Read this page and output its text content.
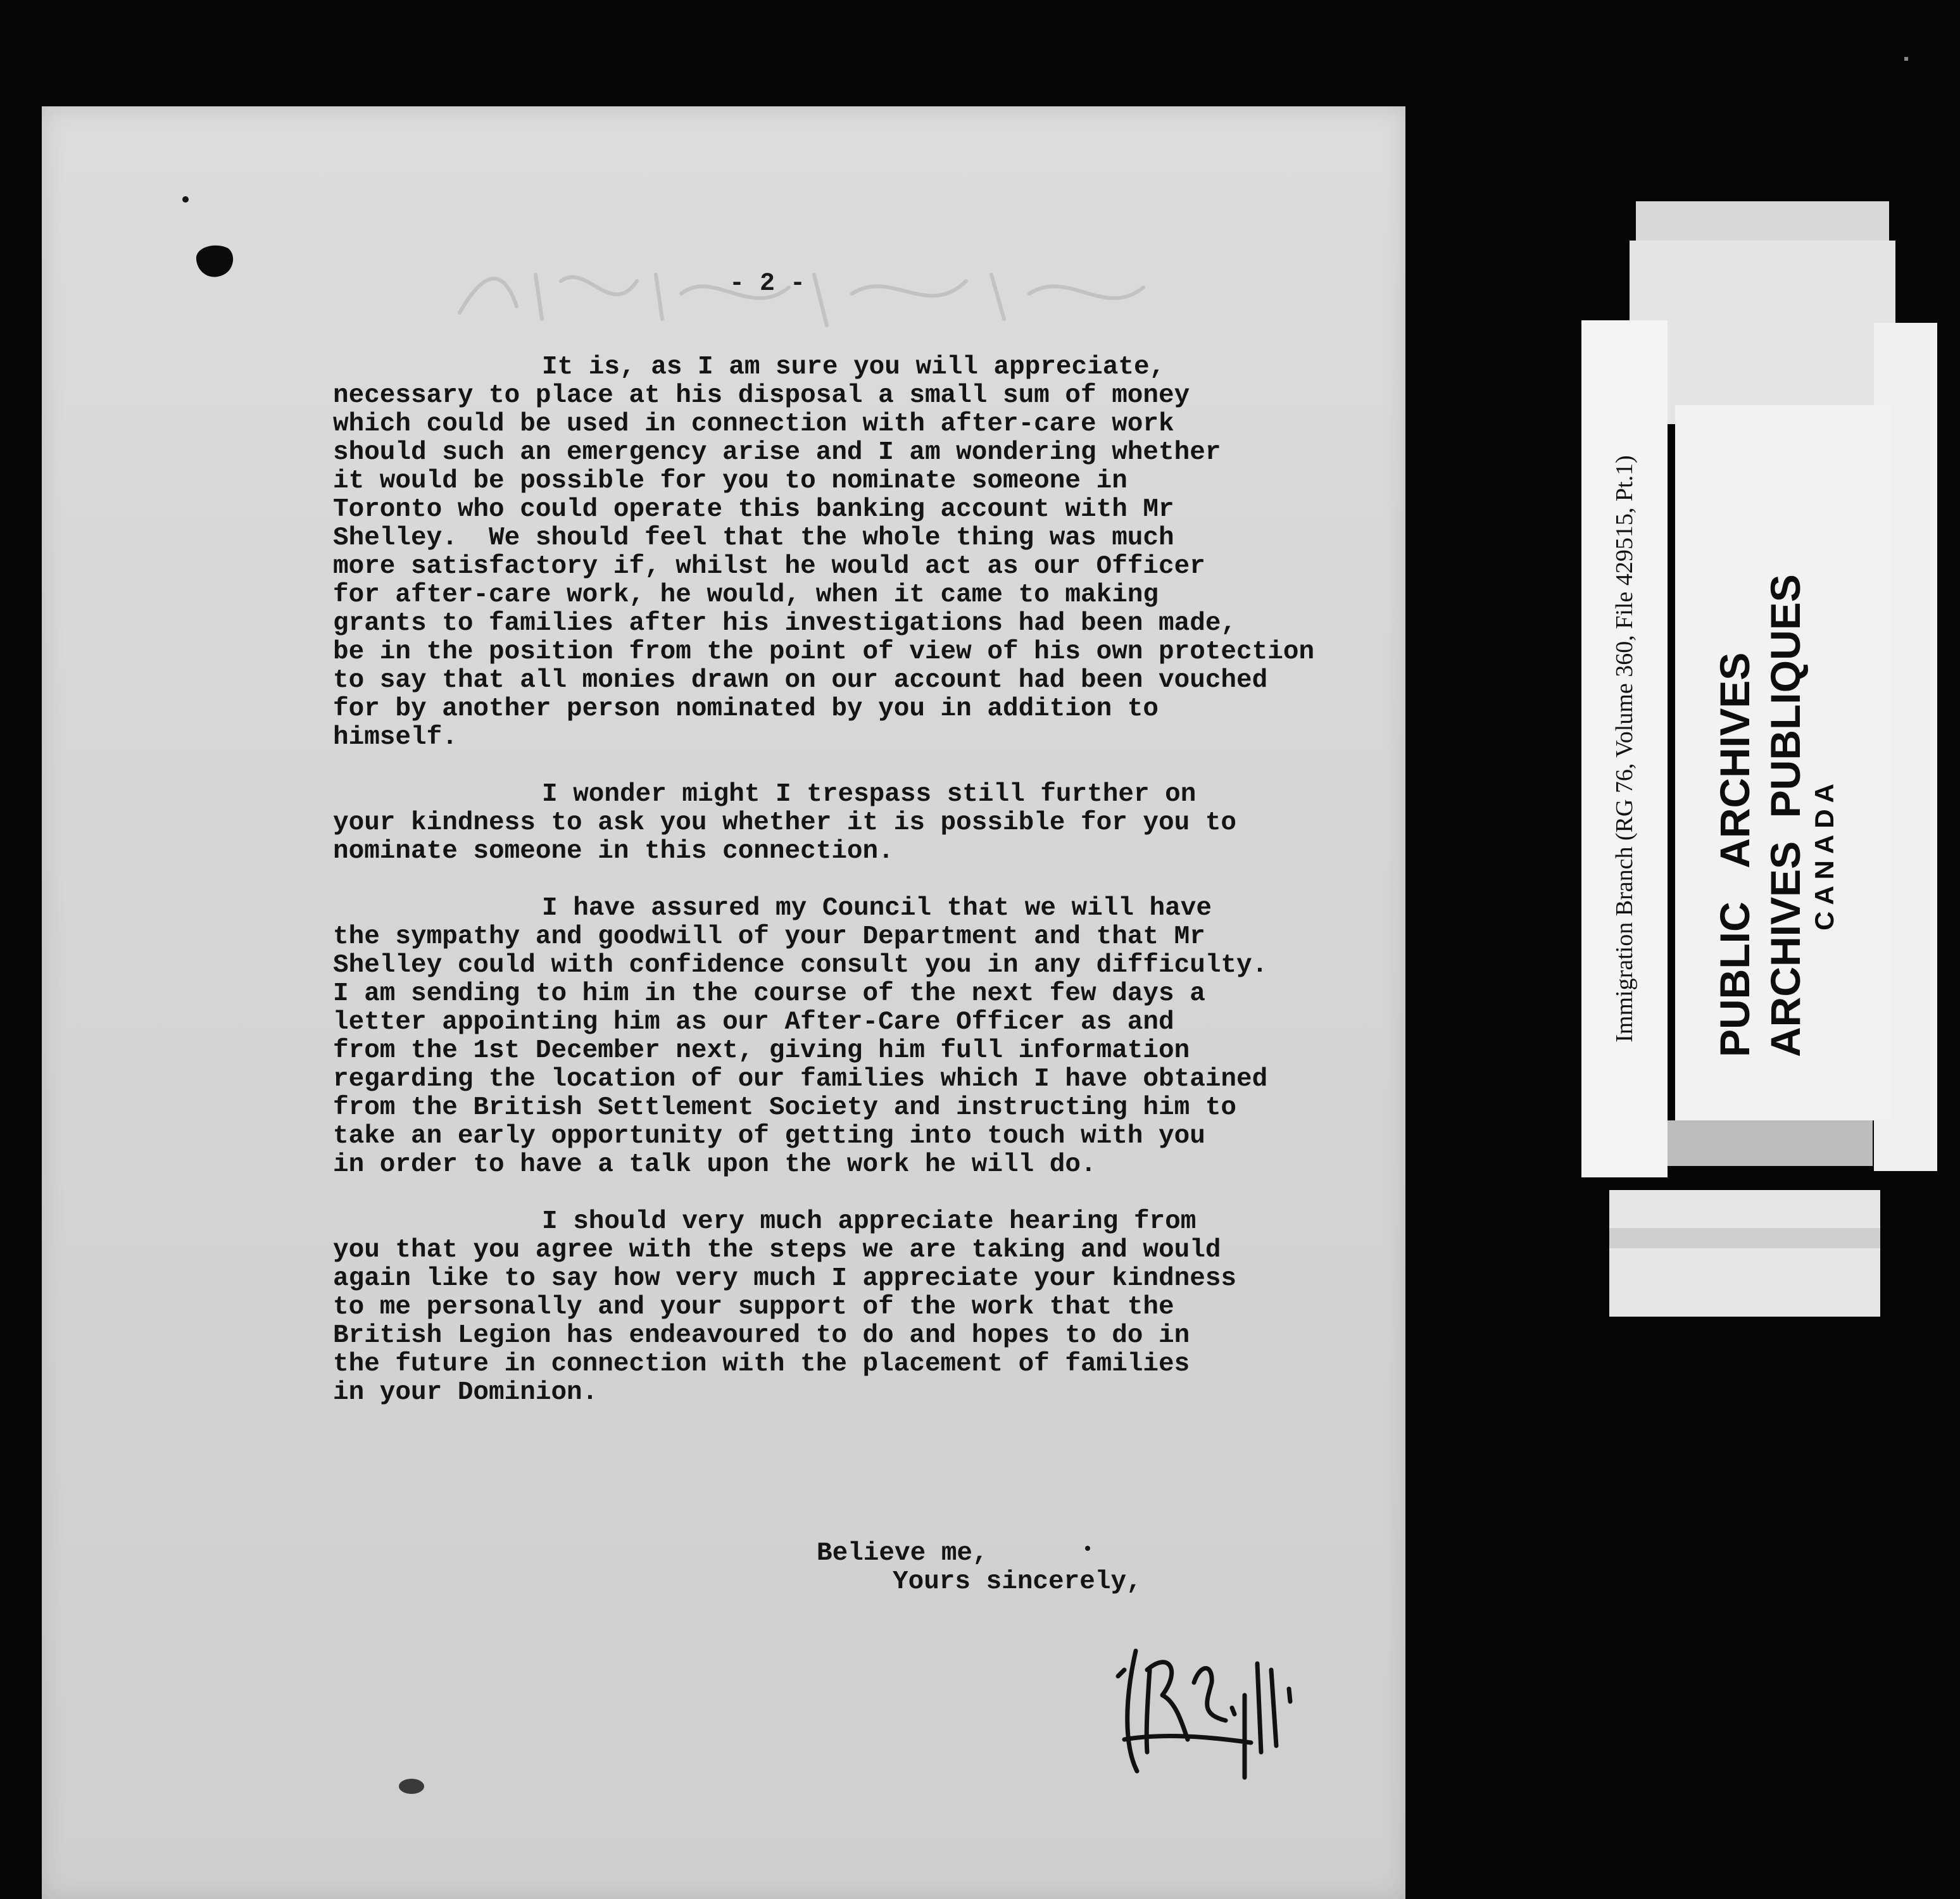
- 2 -
It is, as I am sure you will appreciate,
necessary to place at his disposal a small sum of money
which could be used in connection with after-care work
should such an emergency arise and I am wondering whether
it would be possible for you to nominate someone in
Toronto who could operate this banking account with Mr
Shelley.  We should feel that the whole thing was much
more satisfactory if, whilst he would act as our Officer
for after-care work, he would, when it came to making
grants to families after his investigations had been made,
be in the position from the point of view of his own protection
to say that all monies drawn on our account had been vouched
for by another person nominated by you in addition to
himself.
I wonder might I trespass still further on
your kindness to ask you whether it is possible for you to
nominate someone in this connection.
I have assured my Council that we will have
the sympathy and goodwill of your Department and that Mr
Shelley could with confidence consult you in any difficulty.
I am sending to him in the course of the next few days a
letter appointing him as our After-Care Officer as and
from the 1st December next, giving him full information
regarding the location of our families which I have obtained
from the British Settlement Society and instructing him to
take an early opportunity of getting into touch with you
in order to have a talk upon the work he will do.
I should very much appreciate hearing from
you that you agree with the steps we are taking and would
again like to say how very much I appreciate your kindness
to me personally and your support of the work that the
British Legion has endeavoured to do and hopes to do in
the future in connection with the placement of families
in your Dominion.
Believe me,
Yours sincerely,
Immigration Branch (RG 76, Volume 360, File 429515, Pt.1) PUBLIC   ARCHIVES ARCHIVES  PUBLIQUES CANADA
